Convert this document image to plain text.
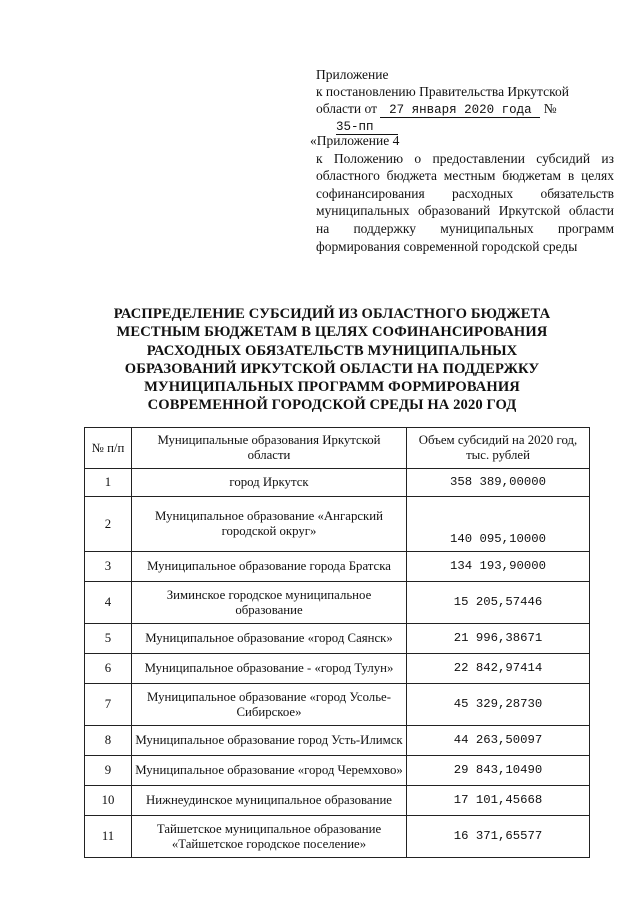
Приложение
к постановлению Правительства Иркутской
области от 27 января 2020 года №
35-пп
«Приложение 4
к Положению о предоставлении субсидий из областного бюджета местным бюджетам в целях софинансирования расходных обязательств муниципальных образований Иркутской области на поддержку муниципальных программ формирования современной городской среды
РАСПРЕДЕЛЕНИЕ СУБСИДИЙ ИЗ ОБЛАСТНОГО БЮДЖЕТА МЕСТНЫМ БЮДЖЕТАМ В ЦЕЛЯХ СОФИНАНСИРОВАНИЯ РАСХОДНЫХ ОБЯЗАТЕЛЬСТВ МУНИЦИПАЛЬНЫХ ОБРАЗОВАНИЙ ИРКУТСКОЙ ОБЛАСТИ НА ПОДДЕРЖКУ МУНИЦИПАЛЬНЫХ ПРОГРАММ ФОРМИРОВАНИЯ СОВРЕМЕННОЙ ГОРОДСКОЙ СРЕДЫ НА 2020 ГОД
№ п/п	Муниципальные образования Иркутской области	Объем субсидий на 2020 год, тыс. рублей
1	город Иркутск	358 389,00000
2	Муниципальное образование «Ангарский городской округ»	140 095,10000
3	Муниципальное образование города Братска	134 193,90000
4	Зиминское городское муниципальное образование	15 205,57446
5	Муниципальное образование «город Саянск»	21 996,38671
6	Муниципальное образование - «город Тулун»	22 842,97414
7	Муниципальное образование «город Усолье-Сибирское»	45 329,28730
8	Муниципальное образование город Усть-Илимск	44 263,50097
9	Муниципальное образование «город Черемхово»	29 843,10490
10	Нижнеудинское муниципальное образование	17 101,45668
11	Тайшетское муниципальное образование «Тайшетское городское поселение»	16 371,65577
